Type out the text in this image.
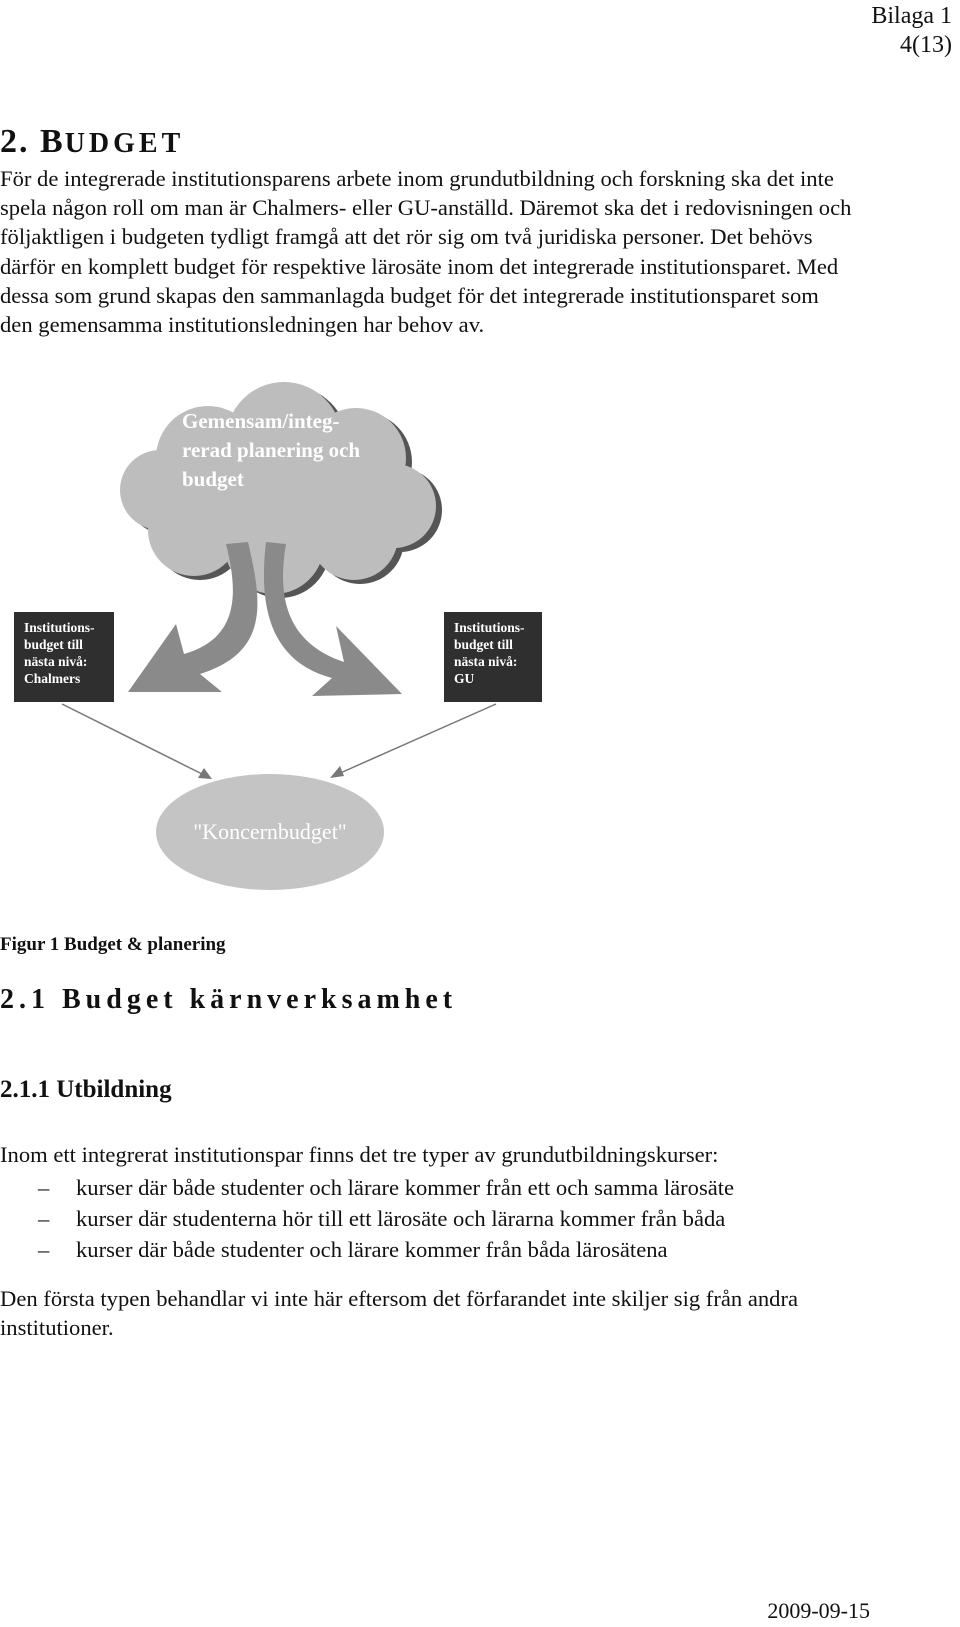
Bilaga 1
4(13)
2. BUDGET
För de integrerade institutionsparens arbete inom grundutbildning och forskning ska det inte
spela någon roll om man är Chalmers- eller GU-anställd. Däremot ska det i redovisningen och
följaktligen i budgeten tydligt framgå att det rör sig om två juridiska personer. Det behövs
därför en komplett budget för respektive lärosäte inom det integrerade institutionsparet. Med
dessa som grund skapas den sammanlagda budget för det integrerade institutionsparet som
den gemensamma institutionsledningen har behov av.
Gemensam/integ-
rerad planering och
budget
Institutions-
budget till
nästa nivå:
Chalmers
Institutions-
budget till
nästa nivå:
GU
"Koncernbudget"
Figur 1 Budget & planering
2.1 Budget kärnverksamhet
2.1.1 Utbildning
Inom ett integrerat institutionspar finns det tre typer av grundutbildningskurser:
– kurser där både studenter och lärare kommer från ett och samma lärosäte
– kurser där studenterna hör till ett lärosäte och lärarna kommer från båda
– kurser där både studenter och lärare kommer från båda lärosätena
Den första typen behandlar vi inte här eftersom det förfarandet inte skiljer sig från andra
institutioner.
2009-09-15
